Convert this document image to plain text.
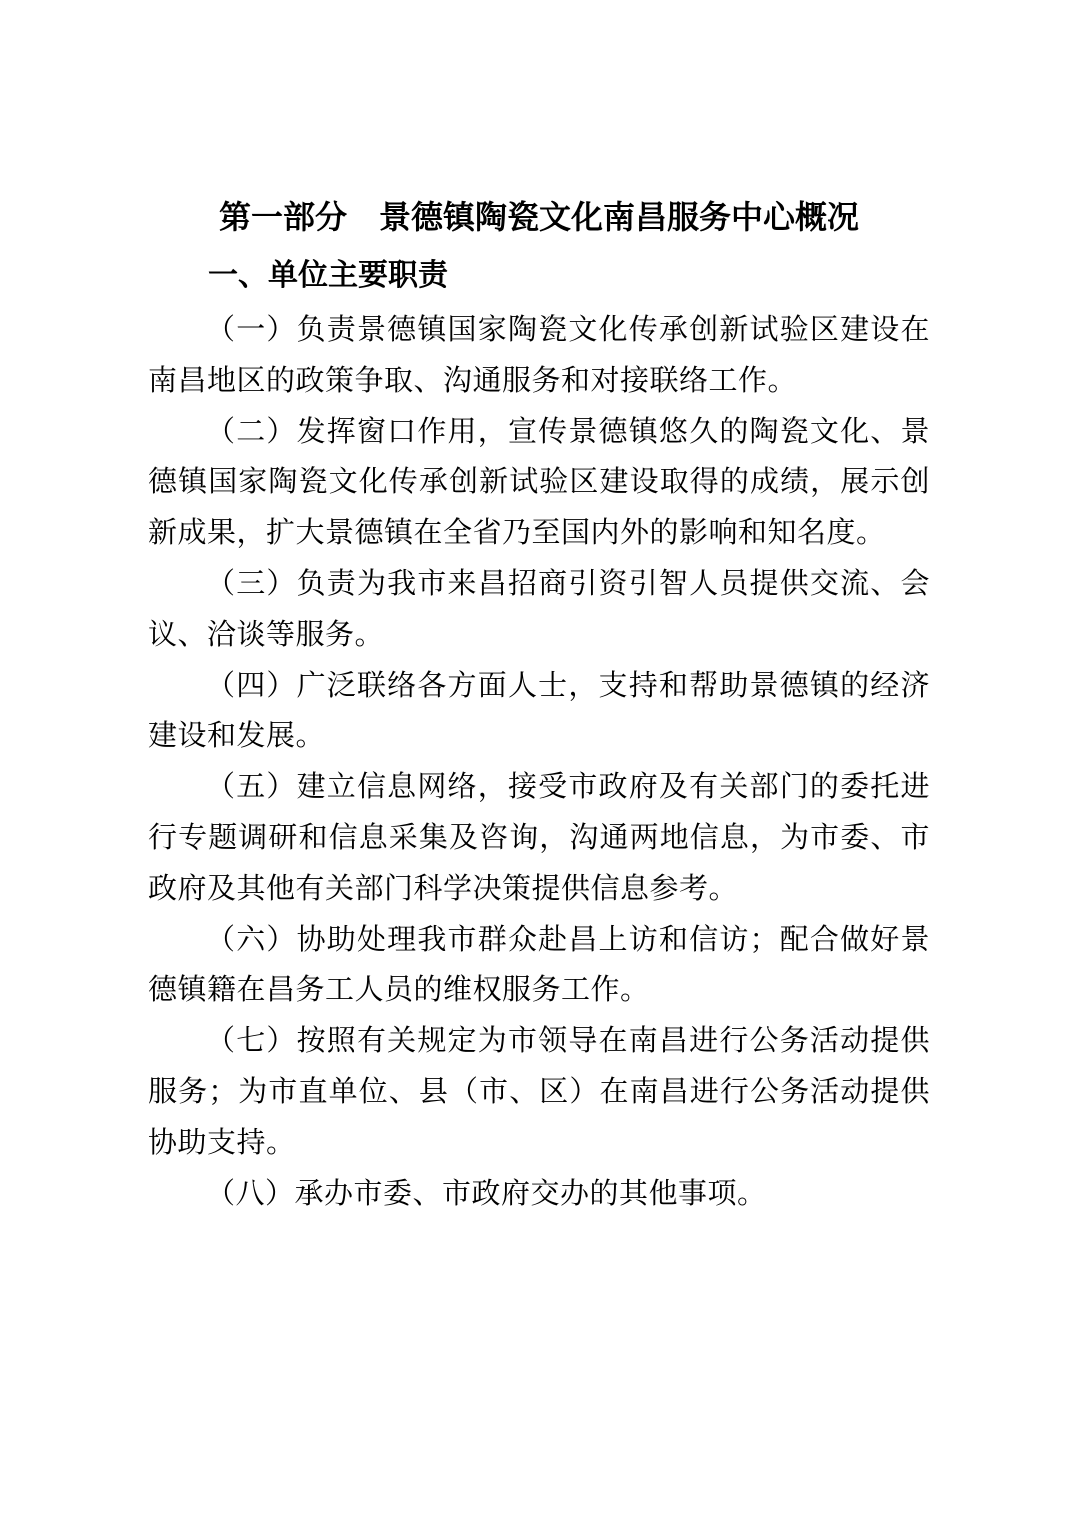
第一部分　景德镇陶瓷文化南昌服务中心概况
一、单位主要职责

（一）负责景德镇国家陶瓷文化传承创新试验区建设在南昌地区的政策争取、沟通服务和对接联络工作。

（二）发挥窗口作用，宣传景德镇悠久的陶瓷文化、景德镇国家陶瓷文化传承创新试验区建设取得的成绩，展示创新成果，扩大景德镇在全省乃至国内外的影响和知名度。

（三）负责为我市来昌招商引资引智人员提供交流、会议、洽谈等服务。

（四）广泛联络各方面人士，支持和帮助景德镇的经济建设和发展。

（五）建立信息网络，接受市政府及有关部门的委托进行专题调研和信息采集及咨询，沟通两地信息，为市委、市政府及其他有关部门科学决策提供信息参考。

（六）协助处理我市群众赴昌上访和信访；配合做好景德镇籍在昌务工人员的维权服务工作。

（七）按照有关规定为市领导在南昌进行公务活动提供服务；为市直单位、县（市、区）在南昌进行公务活动提供协助支持。

（八）承办市委、市政府交办的其他事项。
